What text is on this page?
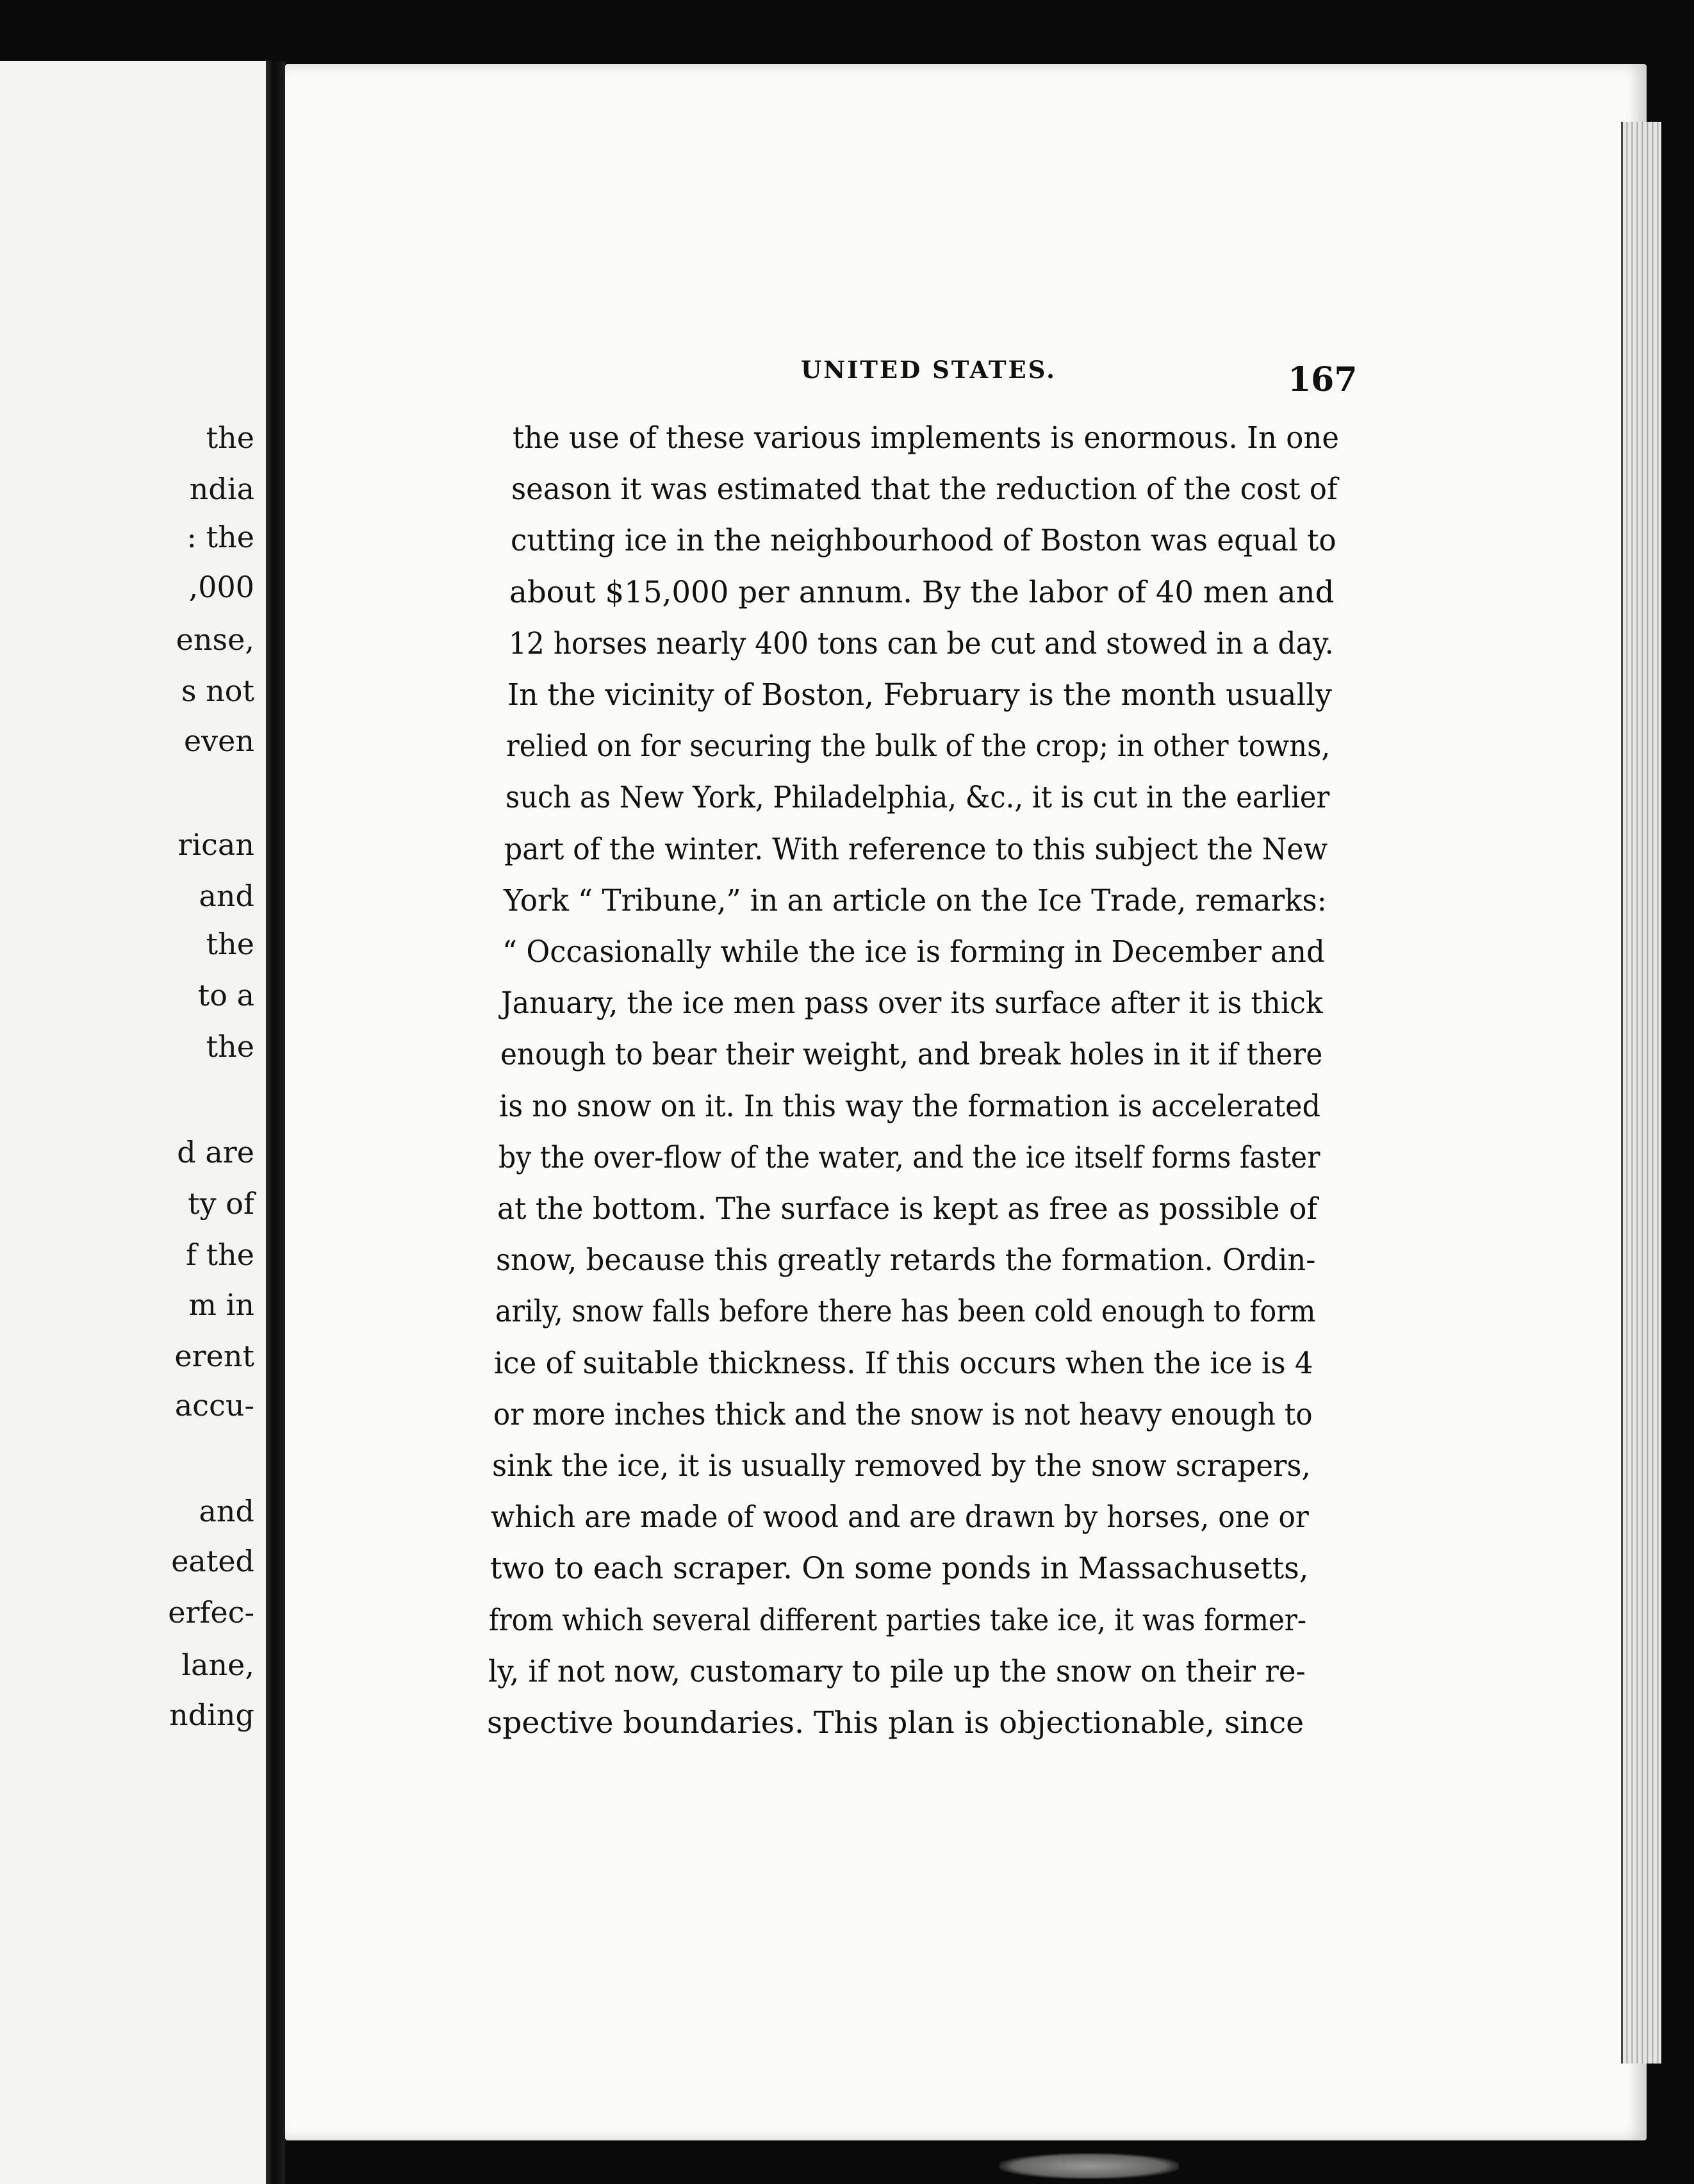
the
ndia
: the
,000
ense,
s not
even
rican
and
the
to a
the
d are
ty of
f the
m in
erent
accu-
and
eated
erfec-
lane,
nding
UNITED STATES.	167
the use of these various implements is enormous. In one
season it was estimated that the reduction of the cost of
cutting ice in the neighbourhood of Boston was equal to
about $15,000 per annum. By the labor of 40 men and
12 horses nearly 400 tons can be cut and stowed in a day.
In the vicinity of Boston, February is the month usually
relied on for securing the bulk of the crop; in other towns,
such as New York, Philadelphia, &c., it is cut in the earlier
part of the winter. With reference to this subject the New
York “ Tribune,” in an article on the Ice Trade, remarks:
“ Occasionally while the ice is forming in December and
January, the ice men pass over its surface after it is thick
enough to bear their weight, and break holes in it if there
is no snow on it. In this way the formation is accelerated
by the over-flow of the water, and the ice itself forms faster
at the bottom. The surface is kept as free as possible of
snow, because this greatly retards the formation. Ordin-
arily, snow falls before there has been cold enough to form
ice of suitable thickness. If this occurs when the ice is 4
or more inches thick and the snow is not heavy enough to
sink the ice, it is usually removed by the snow scrapers,
which are made of wood and are drawn by horses, one or
two to each scraper. On some ponds in Massachusetts,
from which several different parties take ice, it was former-
ly, if not now, customary to pile up the snow on their re-
spective boundaries. This plan is objectionable, since
